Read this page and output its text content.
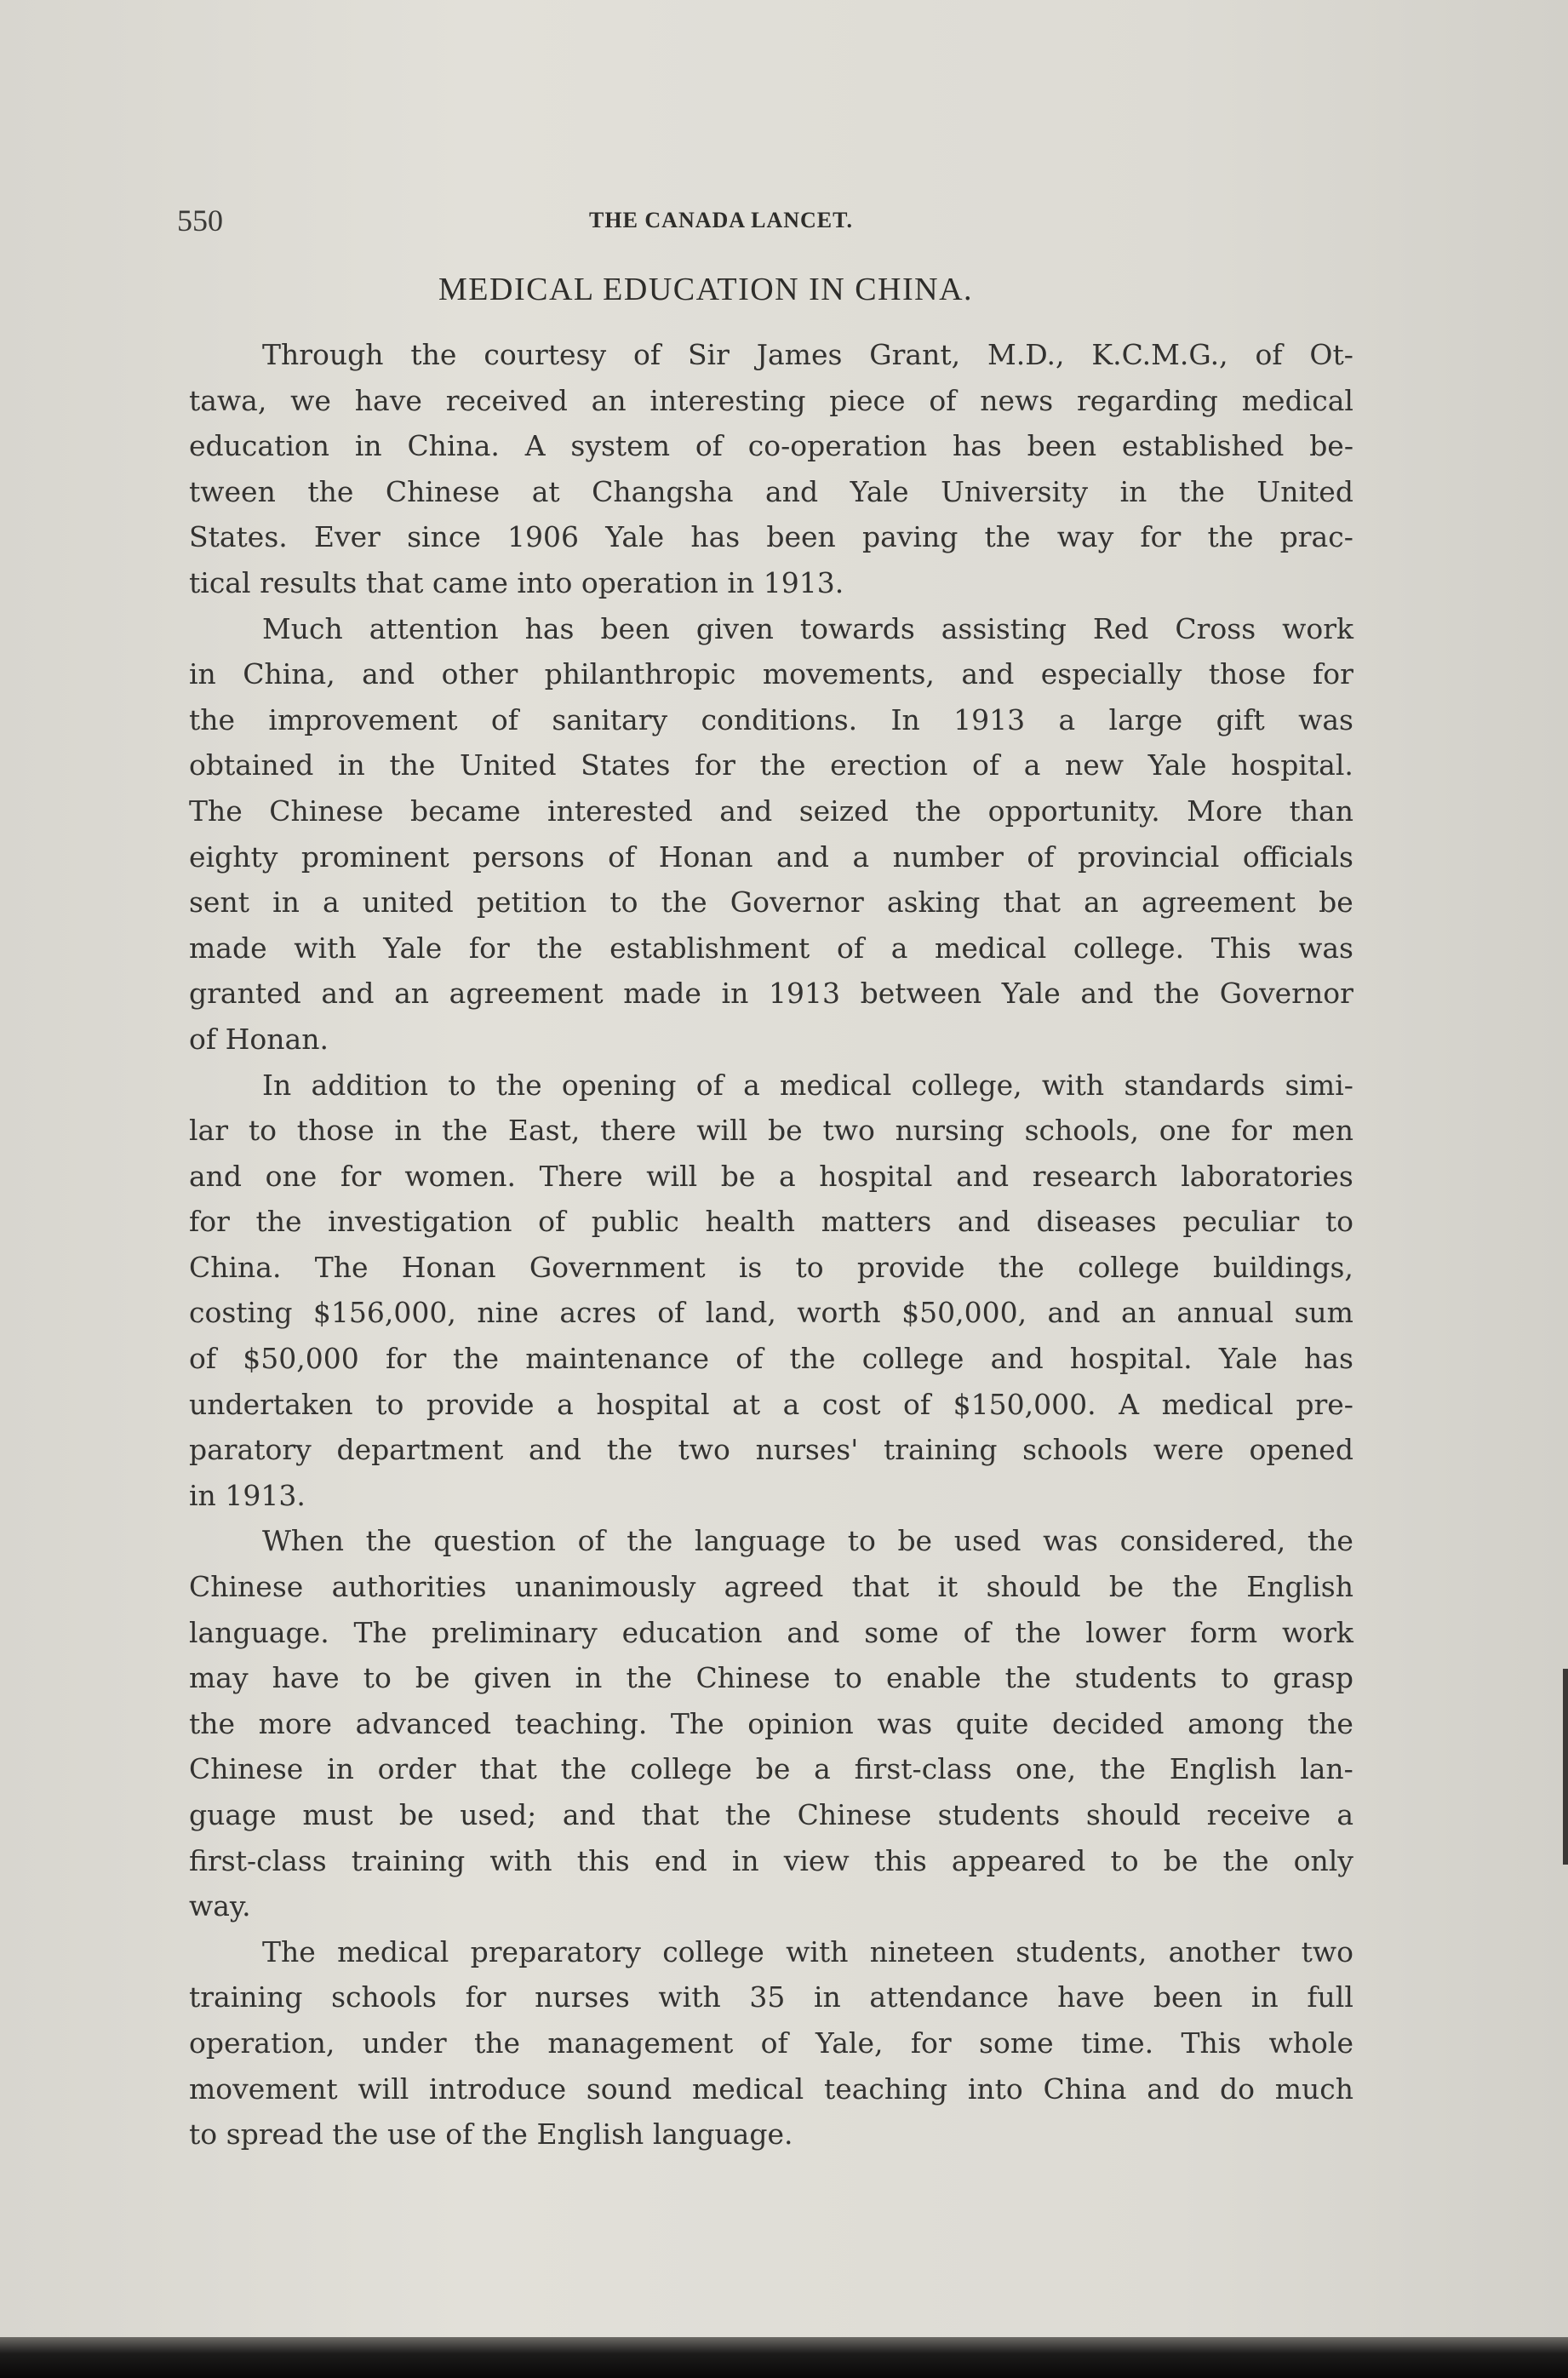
550	THE CANADA LANCET.
MEDICAL EDUCATION IN CHINA.
Through the courtesy of Sir James Grant, M.D., K.C.M.G., of Ot-
tawa, we have received an interesting piece of news regarding medical
education in China. A system of co-operation has been established be-
tween the Chinese at Changsha and Yale University in the United
States. Ever since 1906 Yale has been paving the way for the prac-
tical results that came into operation in 1913.
Much attention has been given towards assisting Red Cross work
in China, and other philanthropic movements, and especially those for
the improvement of sanitary conditions. In 1913 a large gift was
obtained in the United States for the erection of a new Yale hospital.
The Chinese became interested and seized the opportunity. More than
eighty prominent persons of Honan and a number of provincial officials
sent in a united petition to the Governor asking that an agreement be
made with Yale for the establishment of a medical college. This was
granted and an agreement made in 1913 between Yale and the Governor
of Honan.
In addition to the opening of a medical college, with standards simi-
lar to those in the East, there will be two nursing schools, one for men
and one for women. There will be a hospital and research laboratories
for the investigation of public health matters and diseases peculiar to
China. The Honan Government is to provide the college buildings,
costing $156,000, nine acres of land, worth $50,000, and an annual sum
of $50,000 for the maintenance of the college and hospital. Yale has
undertaken to provide a hospital at a cost of $150,000. A medical pre-
paratory department and the two nurses' training schools were opened
in 1913.
When the question of the language to be used was considered, the
Chinese authorities unanimously agreed that it should be the English
language. The preliminary education and some of the lower form work
may have to be given in the Chinese to enable the students to grasp
the more advanced teaching. The opinion was quite decided among the
Chinese in order that the college be a first-class one, the English lan-
guage must be used; and that the Chinese students should receive a
first-class training with this end in view this appeared to be the only
way.
The medical preparatory college with nineteen students, another two
training schools for nurses with 35 in attendance have been in full
operation, under the management of Yale, for some time. This whole
movement will introduce sound medical teaching into China and do much
to spread the use of the English language.
